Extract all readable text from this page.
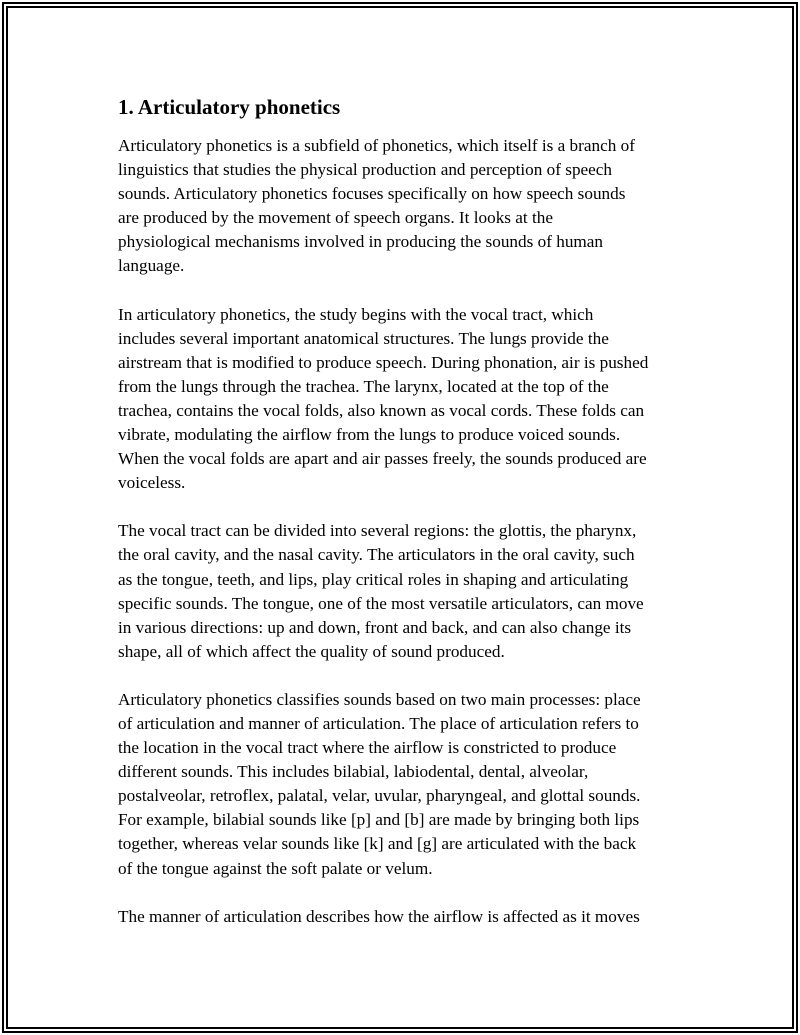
1. Articulatory phonetics

Articulatory phonetics is a subfield of phonetics, which itself is a branch of
linguistics that studies the physical production and perception of speech
sounds. Articulatory phonetics focuses specifically on how speech sounds
are produced by the movement of speech organs. It looks at the
physiological mechanisms involved in producing the sounds of human
language.

In articulatory phonetics, the study begins with the vocal tract, which
includes several important anatomical structures. The lungs provide the
airstream that is modified to produce speech. During phonation, air is pushed
from the lungs through the trachea. The larynx, located at the top of the
trachea, contains the vocal folds, also known as vocal cords. These folds can
vibrate, modulating the airflow from the lungs to produce voiced sounds.
When the vocal folds are apart and air passes freely, the sounds produced are
voiceless.

The vocal tract can be divided into several regions: the glottis, the pharynx,
the oral cavity, and the nasal cavity. The articulators in the oral cavity, such
as the tongue, teeth, and lips, play critical roles in shaping and articulating
specific sounds. The tongue, one of the most versatile articulators, can move
in various directions: up and down, front and back, and can also change its
shape, all of which affect the quality of sound produced.

Articulatory phonetics classifies sounds based on two main processes: place
of articulation and manner of articulation. The place of articulation refers to
the location in the vocal tract where the airflow is constricted to produce
different sounds. This includes bilabial, labiodental, dental, alveolar,
postalveolar, retroflex, palatal, velar, uvular, pharyngeal, and glottal sounds.
For example, bilabial sounds like [p] and [b] are made by bringing both lips
together, whereas velar sounds like [k] and [g] are articulated with the back
of the tongue against the soft palate or velum.

The manner of articulation describes how the airflow is affected as it moves
